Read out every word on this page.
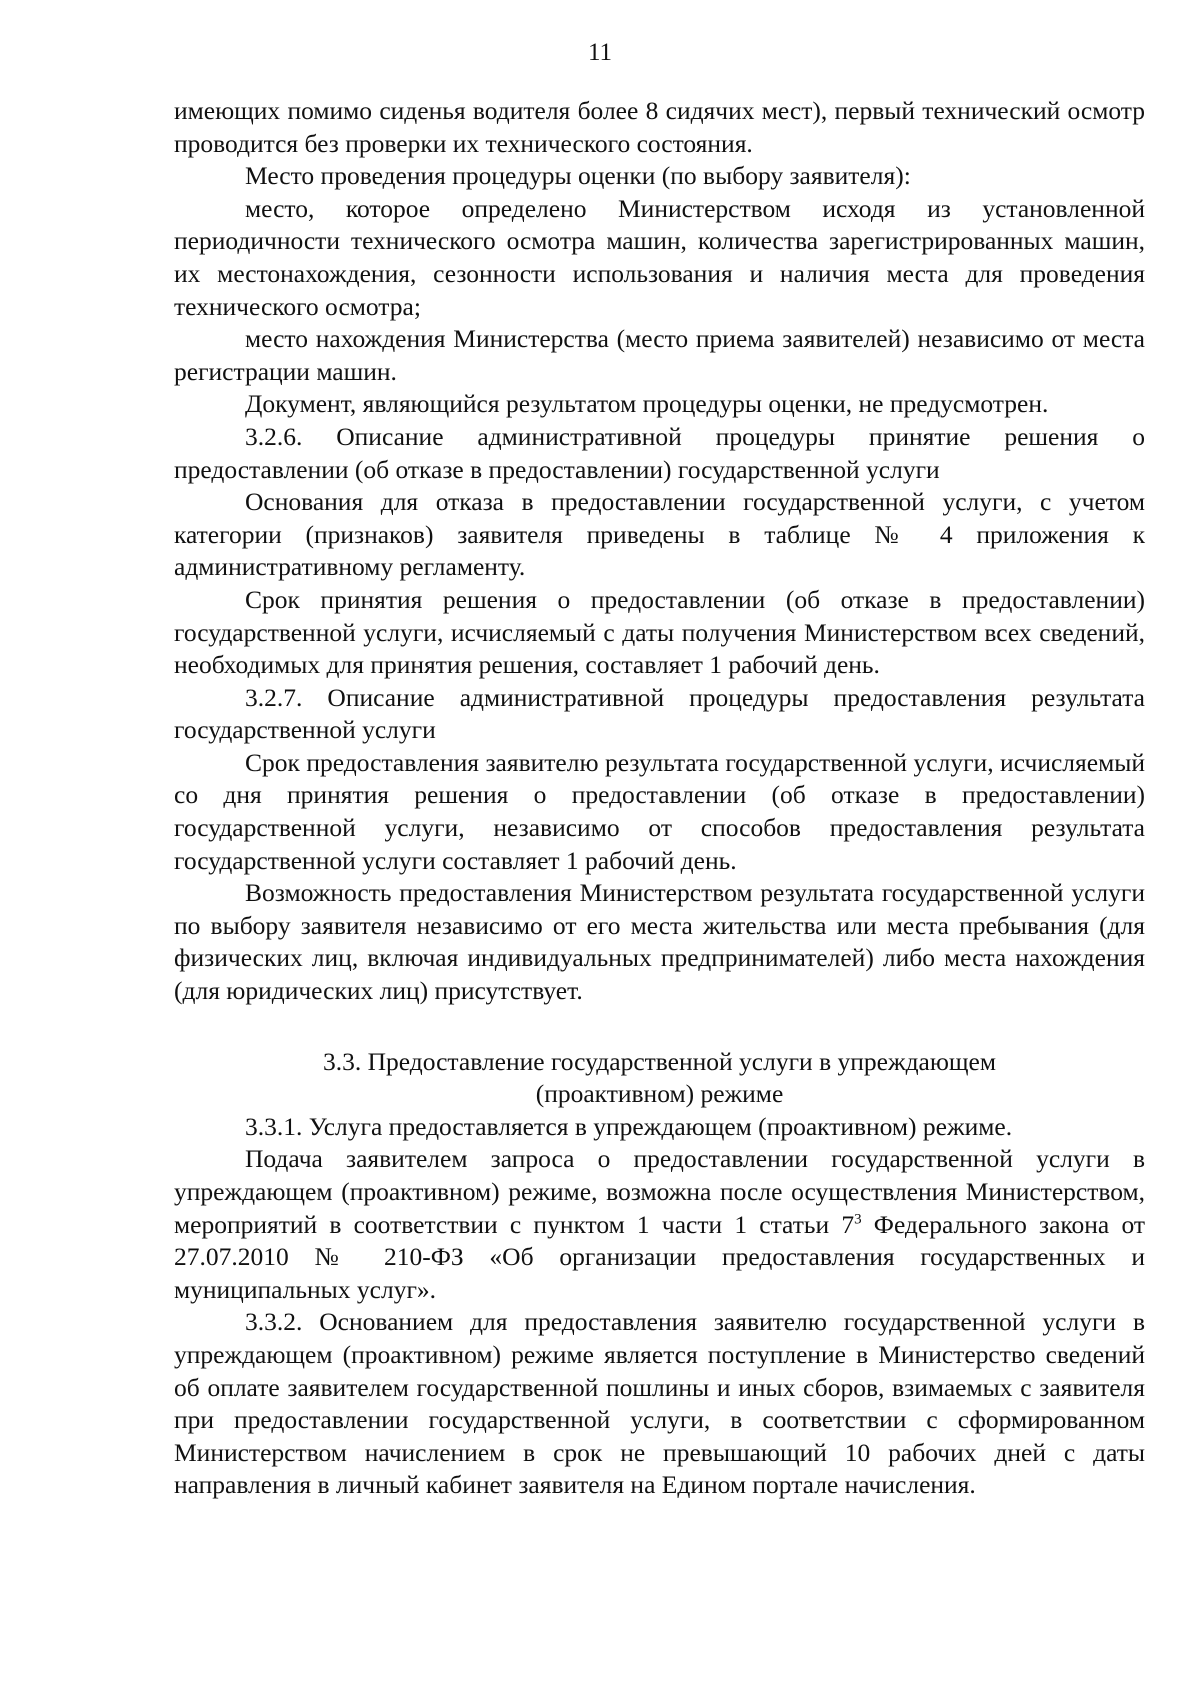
11

имеющих помимо сиденья водителя более 8 сидячих мест), первый технический осмотр проводится без проверки их технического состояния.

Место проведения процедуры оценки (по выбору заявителя):

место, которое определено Министерством исходя из установленной периодичности технического осмотра машин, количества зарегистрированных машин, их местонахождения, сезонности использования и наличия места для проведения технического осмотра;

место нахождения Министерства (место приема заявителей) независимо от места регистрации машин.

Документ, являющийся результатом процедуры оценки, не предусмотрен.

3.2.6. Описание административной процедуры принятие решения о предоставлении (об отказе в предоставлении) государственной услуги

Основания для отказа в предоставлении государственной услуги, с учетом категории (признаков) заявителя приведены в таблице № 4 приложения к административному регламенту.

Срок принятия решения о предоставлении (об отказе в предоставлении) государственной услуги, исчисляемый с даты получения Министерством всех сведений, необходимых для принятия решения, составляет 1 рабочий день.

3.2.7. Описание административной процедуры предоставления результата государственной услуги

Срок предоставления заявителю результата государственной услуги, исчисляемый со дня принятия решения о предоставлении (об отказе в предоставлении) государственной услуги, независимо от способов предоставления результата государственной услуги составляет 1 рабочий день.

Возможность предоставления Министерством результата государственной услуги по выбору заявителя независимо от его места жительства или места пребывания (для физических лиц, включая индивидуальных предпринимателей) либо места нахождения (для юридических лиц) присутствует.

3.3. Предоставление государственной услуги в упреждающем (проактивном) режиме

3.3.1. Услуга предоставляется в упреждающем (проактивном) режиме.

Подача заявителем запроса о предоставлении государственной услуги в упреждающем (проактивном) режиме, возможна после осуществления Министерством, мероприятий в соответствии с пунктом 1 части 1 статьи $7^3$ Федерального закона от 27.07.2010 № 210-ФЗ «Об организации предоставления государственных и муниципальных услуг».

3.3.2. Основанием для предоставления заявителю государственной услуги в упреждающем (проактивном) режиме является поступление в Министерство сведений об оплате заявителем государственной пошлины и иных сборов, взимаемых с заявителя при предоставлении государственной услуги, в соответствии с сформированном Министерством начислением в срок не превышающий 10 рабочих дней с даты направления в личный кабинет заявителя на Едином портале начисления.
